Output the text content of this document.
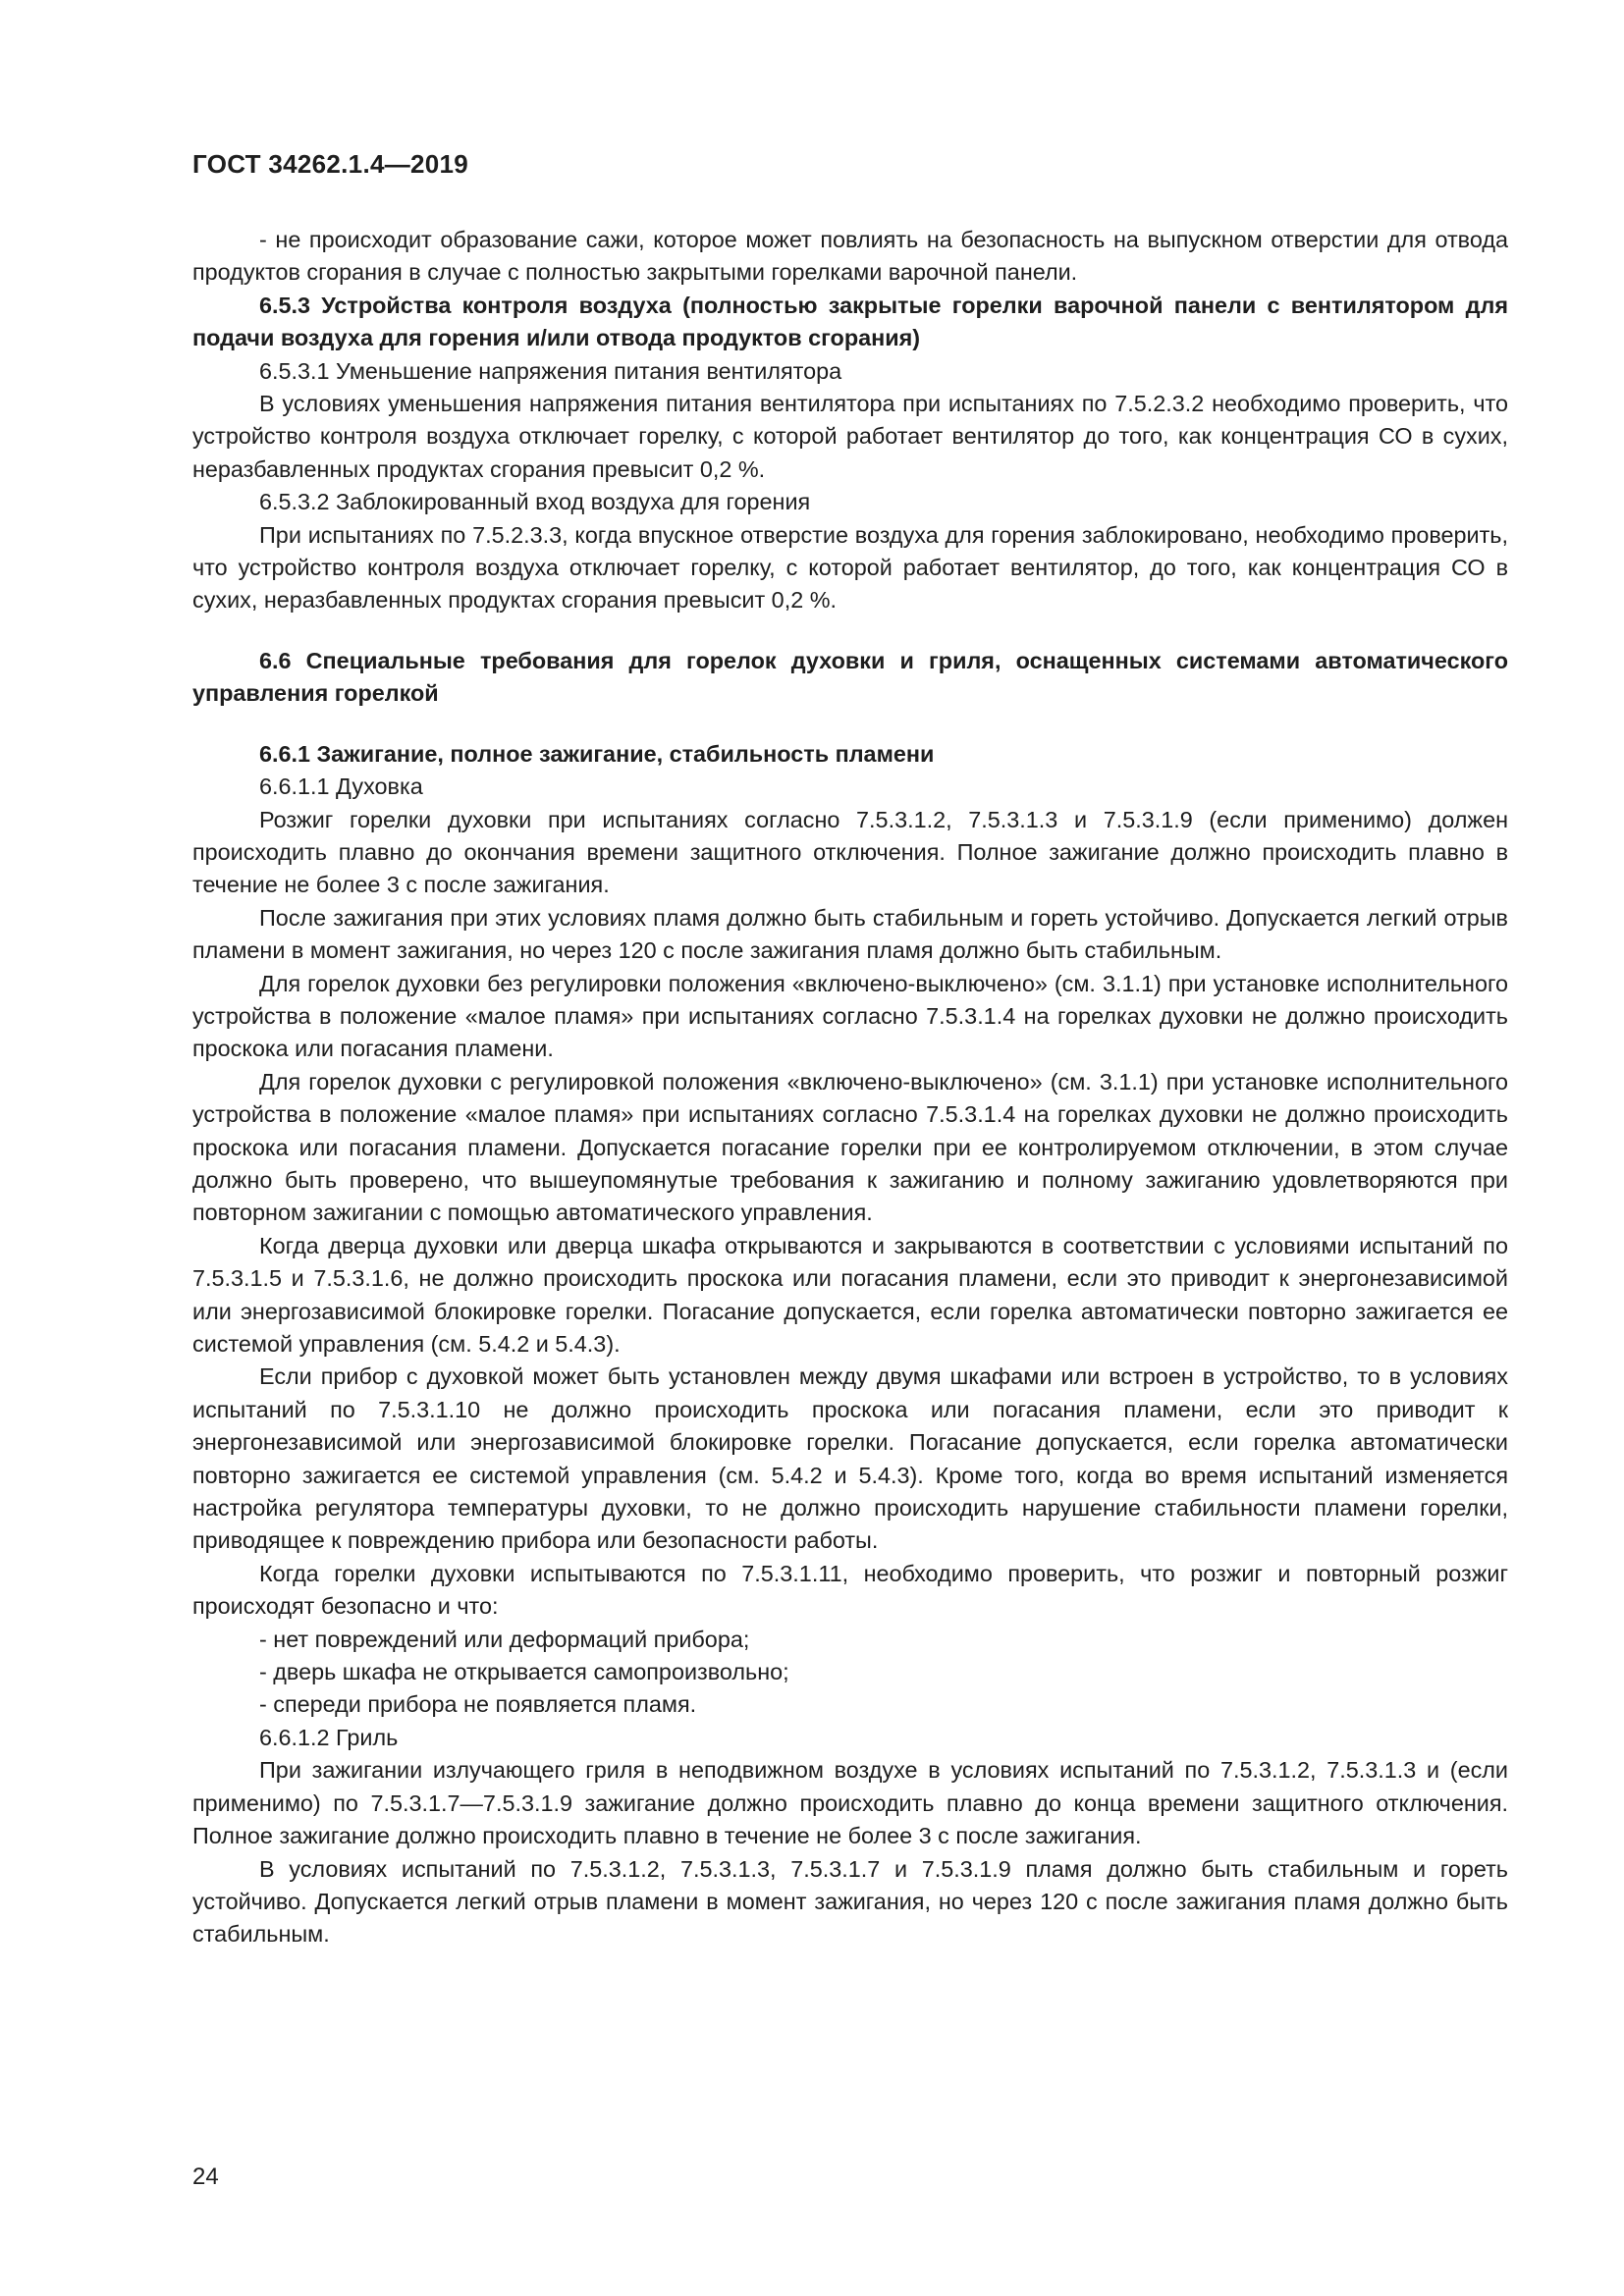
ГОСТ 34262.1.4—2019

- не происходит образование сажи, которое может повлиять на безопасность на выпускном отверстии для отвода продуктов сгорания в случае с полностью закрытыми горелками варочной панели.

6.5.3 Устройства контроля воздуха (полностью закрытые горелки варочной панели с вентилятором для подачи воздуха для горения и/или отвода продуктов сгорания)

6.5.3.1 Уменьшение напряжения питания вентилятора

В условиях уменьшения напряжения питания вентилятора при испытаниях по 7.5.2.3.2 необходимо проверить, что устройство контроля воздуха отключает горелку, с которой работает вентилятор до того, как концентрация СО в сухих, неразбавленных продуктах сгорания превысит 0,2 %.

6.5.3.2 Заблокированный вход воздуха для горения

При испытаниях по 7.5.2.3.3, когда впускное отверстие воздуха для горения заблокировано, необходимо проверить, что устройство контроля воздуха отключает горелку, с которой работает вентилятор, до того, как концентрация СО в сухих, неразбавленных продуктах сгорания превысит 0,2 %.

6.6 Специальные требования для горелок духовки и гриля, оснащенных системами автоматического управления горелкой

6.6.1 Зажигание, полное зажигание, стабильность пламени

6.6.1.1 Духовка

Розжиг горелки духовки при испытаниях согласно 7.5.3.1.2, 7.5.3.1.3 и 7.5.3.1.9 (если применимо) должен происходить плавно до окончания времени защитного отключения. Полное зажигание должно происходить плавно в течение не более 3 с после зажигания.

После зажигания при этих условиях пламя должно быть стабильным и гореть устойчиво. Допускается легкий отрыв пламени в момент зажигания, но через 120 с после зажигания пламя должно быть стабильным.

Для горелок духовки без регулировки положения «включено-выключено» (см. 3.1.1) при установке исполнительного устройства в положение «малое пламя» при испытаниях согласно 7.5.3.1.4 на горелках духовки не должно происходить проскока или погасания пламени.

Для горелок духовки с регулировкой положения «включено-выключено» (см. 3.1.1) при установке исполнительного устройства в положение «малое пламя» при испытаниях согласно 7.5.3.1.4 на горелках духовки не должно происходить проскока или погасания пламени. Допускается погасание горелки при ее контролируемом отключении, в этом случае должно быть проверено, что вышеупомянутые требования к зажиганию и полному зажиганию удовлетворяются при повторном зажигании с помощью автоматического управления.

Когда дверца духовки или дверца шкафа открываются и закрываются в соответствии с условиями испытаний по 7.5.3.1.5 и 7.5.3.1.6, не должно происходить проскока или погасания пламени, если это приводит к энергонезависимой или энергозависимой блокировке горелки. Погасание допускается, если горелка автоматически повторно зажигается ее системой управления (см. 5.4.2 и 5.4.3).

Если прибор с духовкой может быть установлен между двумя шкафами или встроен в устройство, то в условиях испытаний по 7.5.3.1.10 не должно происходить проскока или погасания пламени, если это приводит к энергонезависимой или энергозависимой блокировке горелки. Погасание допускается, если горелка автоматически повторно зажигается ее системой управления (см. 5.4.2 и 5.4.3). Кроме того, когда во время испытаний изменяется настройка регулятора температуры духовки, то не должно происходить нарушение стабильности пламени горелки, приводящее к повреждению прибора или безопасности работы.

Когда горелки духовки испытываются по 7.5.3.1.11, необходимо проверить, что розжиг и повторный розжиг происходят безопасно и что:

- нет повреждений или деформаций прибора;

- дверь шкафа не открывается самопроизвольно;

- спереди прибора не появляется пламя.

6.6.1.2 Гриль

При зажигании излучающего гриля в неподвижном воздухе в условиях испытаний по 7.5.3.1.2, 7.5.3.1.3 и (если применимо) по 7.5.3.1.7—7.5.3.1.9 зажигание должно происходить плавно до конца времени защитного отключения. Полное зажигание должно происходить плавно в течение не более 3 с после зажигания.

В условиях испытаний по 7.5.3.1.2, 7.5.3.1.3, 7.5.3.1.7 и 7.5.3.1.9 пламя должно быть стабильным и гореть устойчиво. Допускается легкий отрыв пламени в момент зажигания, но через 120 с после зажигания пламя должно быть стабильным.

24
